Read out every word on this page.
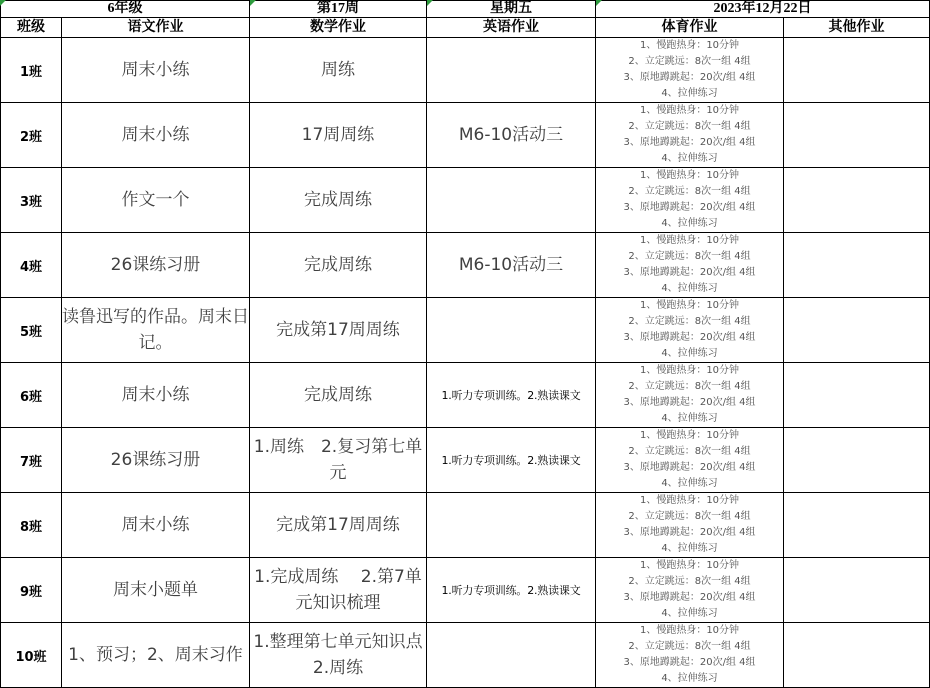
6年级		第17周	星期五	2023年12月22日	
班级	语文作业	数学作业	英语作业	体育作业	其他作业
1班	周末小练	周练		1、慢跑热身：10分钟
2、立定跳远：8次一组 4组
3、原地蹲跳起：20次/组 4组
4、拉伸练习	

2班	周末小练	17周周练	M6-10活动三	1、慢跑热身：10分钟
2、立定跳远：8次一组 4组
3、原地蹲跳起：20次/组 4组
4、拉伸练习	

3班	作文一个	完成周练		1、慢跑热身：10分钟
2、立定跳远：8次一组 4组
3、原地蹲跳起：20次/组 4组
4、拉伸练习	

4班	26课练习册	完成周练	M6-10活动三	1、慢跑热身：10分钟
2、立定跳远：8次一组 4组
3、原地蹲跳起：20次/组 4组
4、拉伸练习	

5班	读鲁迅写的作品。周末日记。	完成第17周周练		1、慢跑热身：10分钟
2、立定跳远：8次一组 4组
3、原地蹲跳起：20次/组 4组
4、拉伸练习	

6班	周末小练	完成周练	1.听力专项训练。2.熟读课文	1、慢跑热身：10分钟
2、立定跳远：8次一组 4组
3、原地蹲跳起：20次/组 4组
4、拉伸练习	

7班	26课练习册	1.周练　2.复习第七单元	1.听力专项训练。2.熟读课文	1、慢跑热身：10分钟
2、立定跳远：8次一组 4组
3、原地蹲跳起：20次/组 4组
4、拉伸练习	

8班	周末小练	完成第17周周练		1、慢跑热身：10分钟
2、立定跳远：8次一组 4组
3、原地蹲跳起：20次/组 4组
4、拉伸练习	

9班	周末小题单	1.完成周练　 2.第7单元知识梳理	1.听力专项训练。2.熟读课文	1、慢跑热身：10分钟
2、立定跳远：8次一组 4组
3、原地蹲跳起：20次/组 4组
4、拉伸练习	

10班	1、预习；2、周末习作	1.整理第七单元知识点　2.周练		1、慢跑热身：10分钟
2、立定跳远：8次一组 4组
3、原地蹲跳起：20次/组 4组
4、拉伸练习	
